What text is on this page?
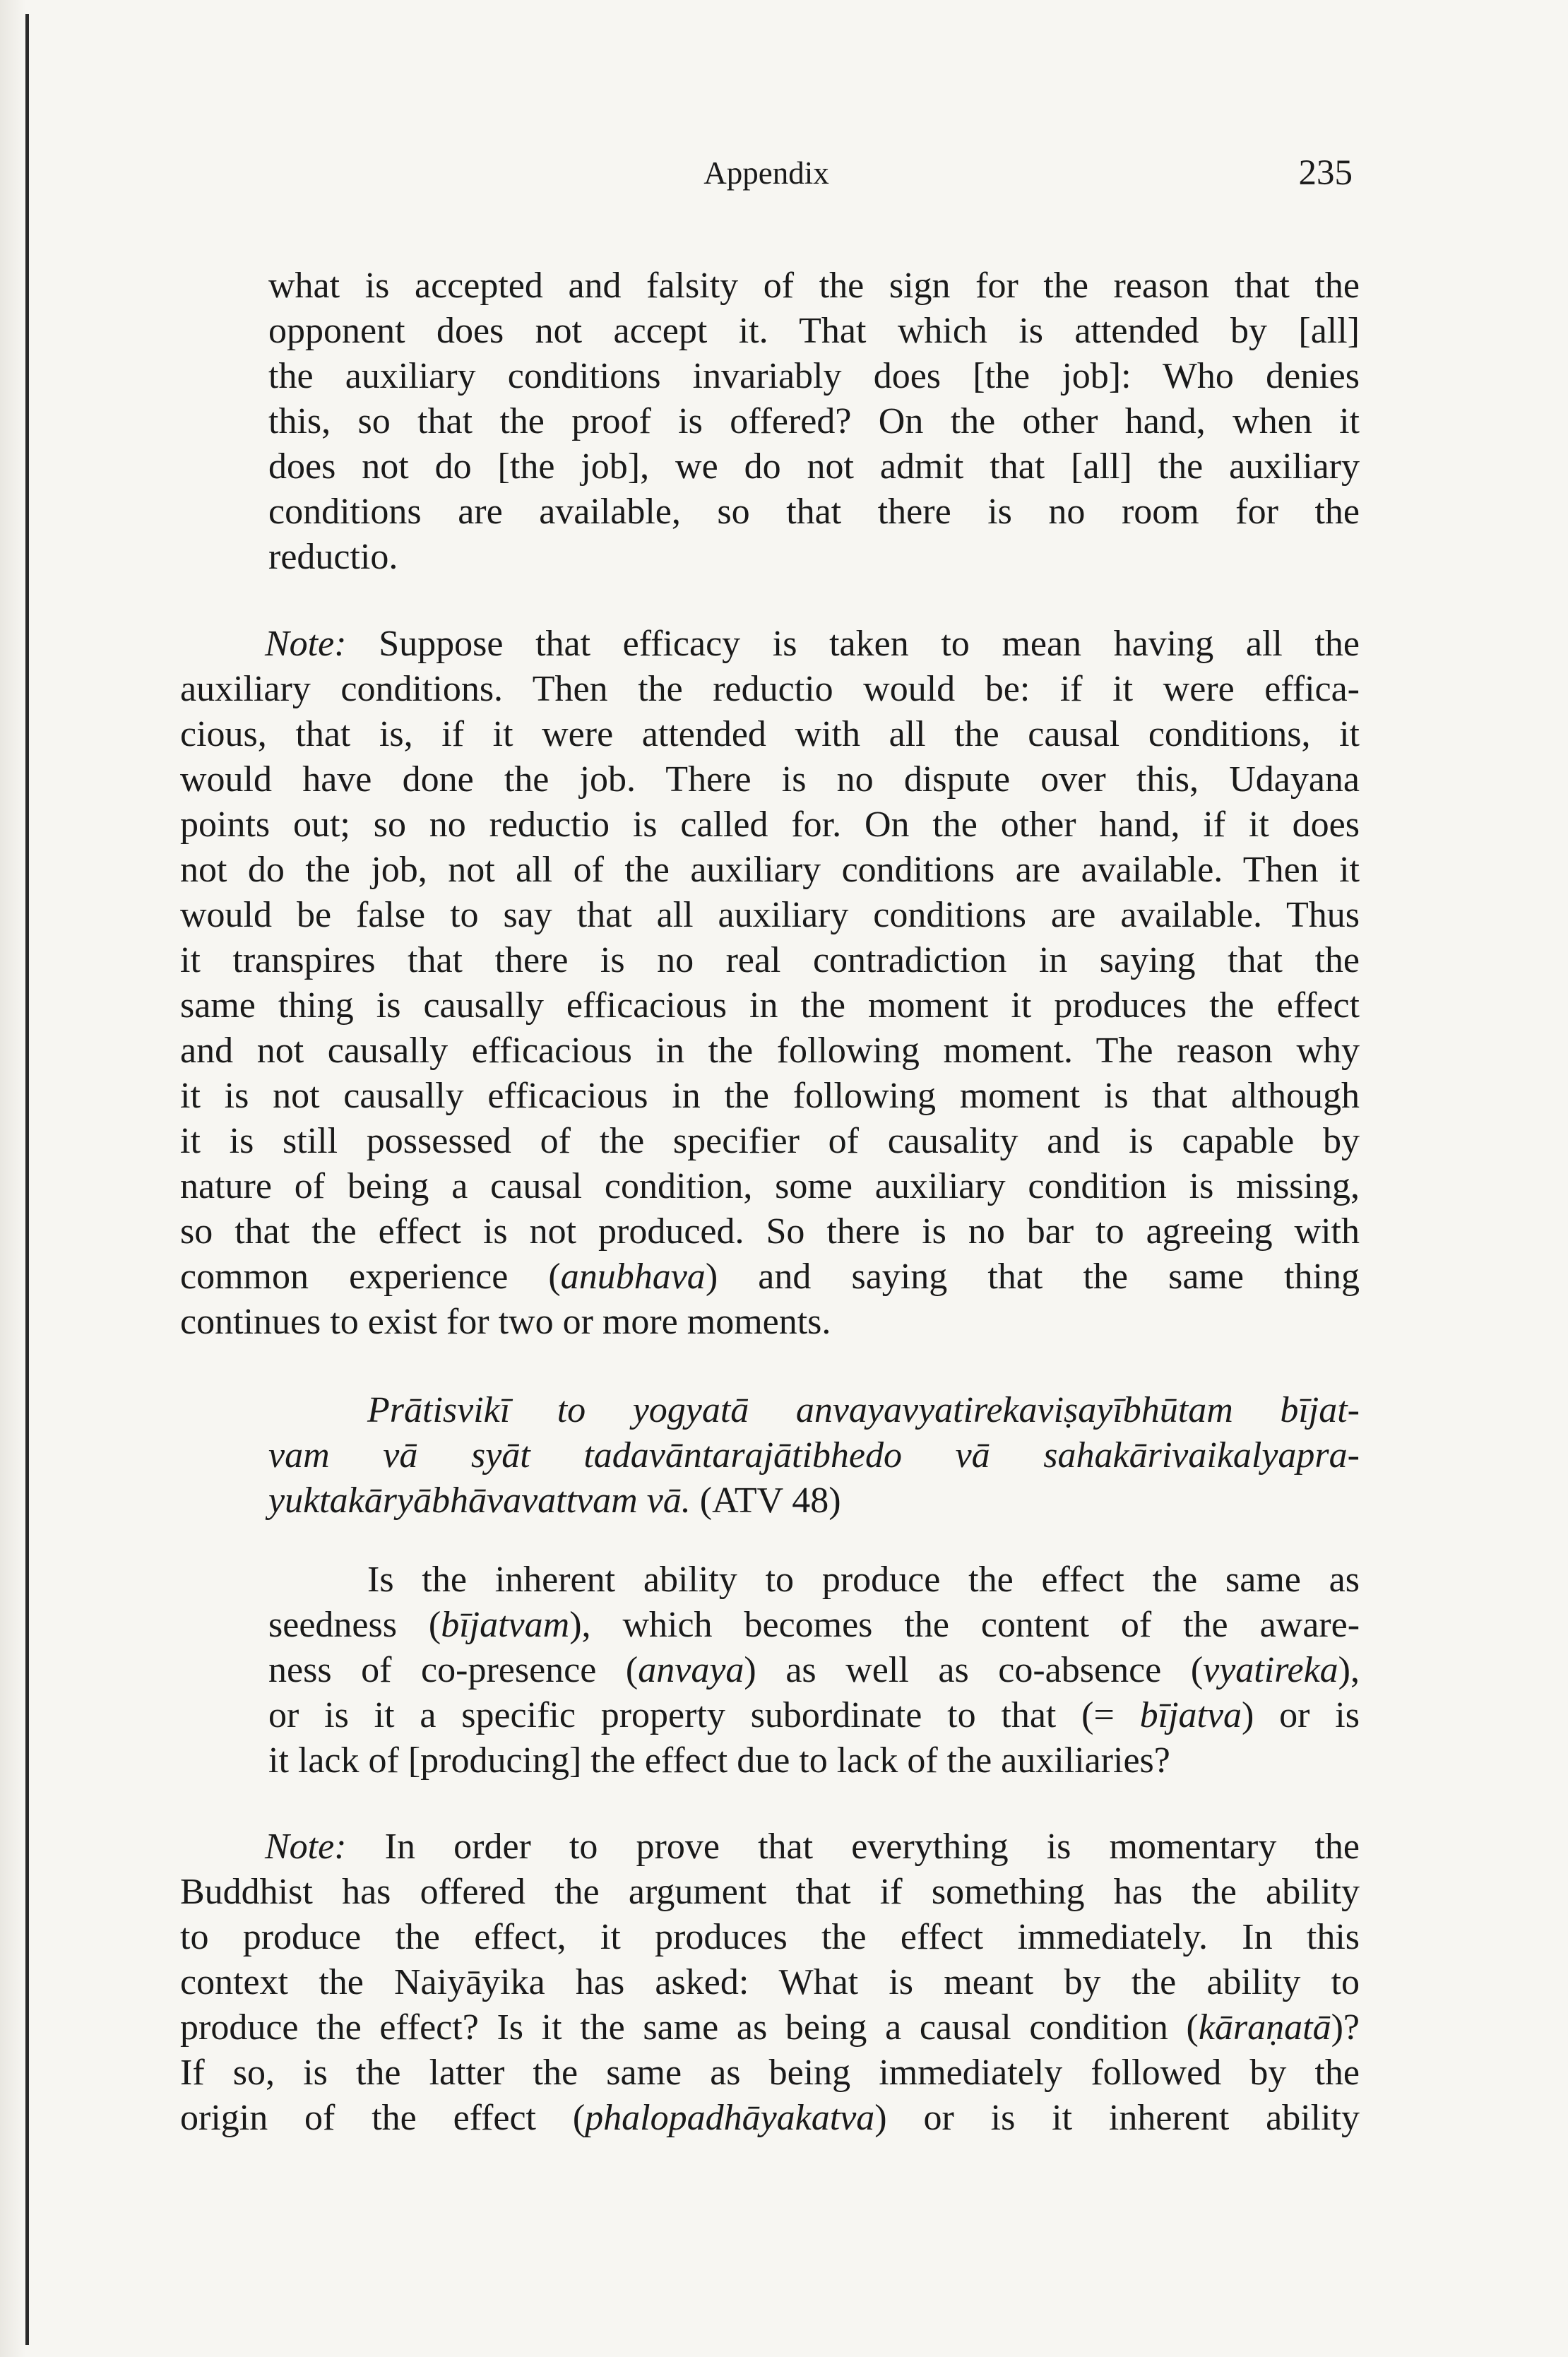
Appendix	235
what is accepted and falsity of the sign for the reason that the
opponent does not accept it. That which is attended by [all]
the auxiliary conditions invariably does [the job]: Who denies
this, so that the proof is offered? On the other hand, when it
does not do [the job], we do not admit that [all] the auxiliary
conditions are available, so that there is no room for the
reductio.
Note: Suppose that efficacy is taken to mean having all the
auxiliary conditions. Then the reductio would be: if it were effica-
cious, that is, if it were attended with all the causal conditions, it
would have done the job. There is no dispute over this, Udayana
points out; so no reductio is called for. On the other hand, if it does
not do the job, not all of the auxiliary conditions are available. Then it
would be false to say that all auxiliary conditions are available. Thus
it transpires that there is no real contradiction in saying that the
same thing is causally efficacious in the moment it produces the effect
and not causally efficacious in the following moment. The reason why
it is not causally efficacious in the following moment is that although
it is still possessed of the specifier of causality and is capable by
nature of being a causal condition, some auxiliary condition is missing,
so that the effect is not produced. So there is no bar to agreeing with
common experience (anubhava) and saying that the same thing
continues to exist for two or more moments.
Prātisvikī to yogyatā anvayavyatirekaviṣayībhūtam bījat-
vam vā syāt tadavāntarajātibhedo vā sahakārivaikalyapra-
yuktakāryābhāvavattvam vā. (ATV 48)
Is the inherent ability to produce the effect the same as
seedness (bījatvam), which becomes the content of the aware-
ness of co-presence (anvaya) as well as co-absence (vyatireka),
or is it a specific property subordinate to that (= bījatva) or is
it lack of [producing] the effect due to lack of the auxiliaries?
Note: In order to prove that everything is momentary the
Buddhist has offered the argument that if something has the ability
to produce the effect, it produces the effect immediately. In this
context the Naiyāyika has asked: What is meant by the ability to
produce the effect? Is it the same as being a causal condition (kāraṇatā)?
If so, is the latter the same as being immediately followed by the
origin of the effect (phalopadhāyakatva) or is it inherent ability
